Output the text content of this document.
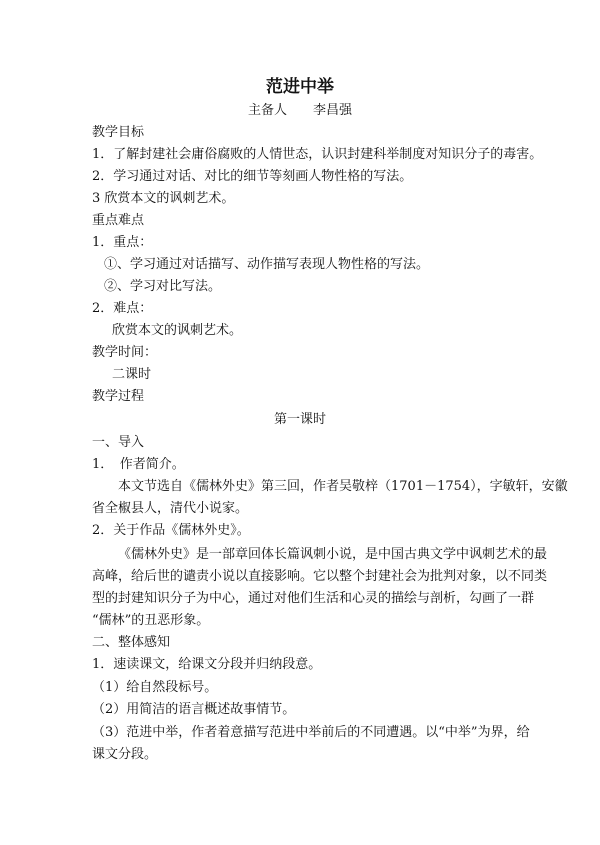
范进中举
主备人 李昌强
教学目标
1．了解封建社会庸俗腐败的人情世态，认识封建科举制度对知识分子的毒害。
2．学习通过对话、对比的细节等刻画人物性格的写法。
3 欣赏本文的讽刺艺术。
重点难点
1．重点：
①、学习通过对话描写、动作描写表现人物性格的写法。
②、学习对比写法。
2．难点：
欣赏本文的讽刺艺术。
教学时间：
二课时
教学过程
第一课时
一、导入
1．　作者简介。
本文节选自《儒林外史》第三回，作者吴敬梓（1701－1754），字敏轩，安徽
省全椒县人，清代小说家。
2．关于作品《儒林外史》。
《儒林外史》是一部章回体长篇讽刺小说，是中国古典文学中讽刺艺术的最
高峰，给后世的谴责小说以直接影响。它以整个封建社会为批判对象，以不同类
型的封建知识分子为中心，通过对他们生活和心灵的描绘与剖析，勾画了一群
“儒林”的丑恶形象。
二、整体感知
1．速读课文，给课文分段并归纳段意。
（1）给自然段标号。
（2）用简洁的语言概述故事情节。
（3）范进中举，作者着意描写范进中举前后的不同遭遇。以“中举”为界，给
课文分段。
